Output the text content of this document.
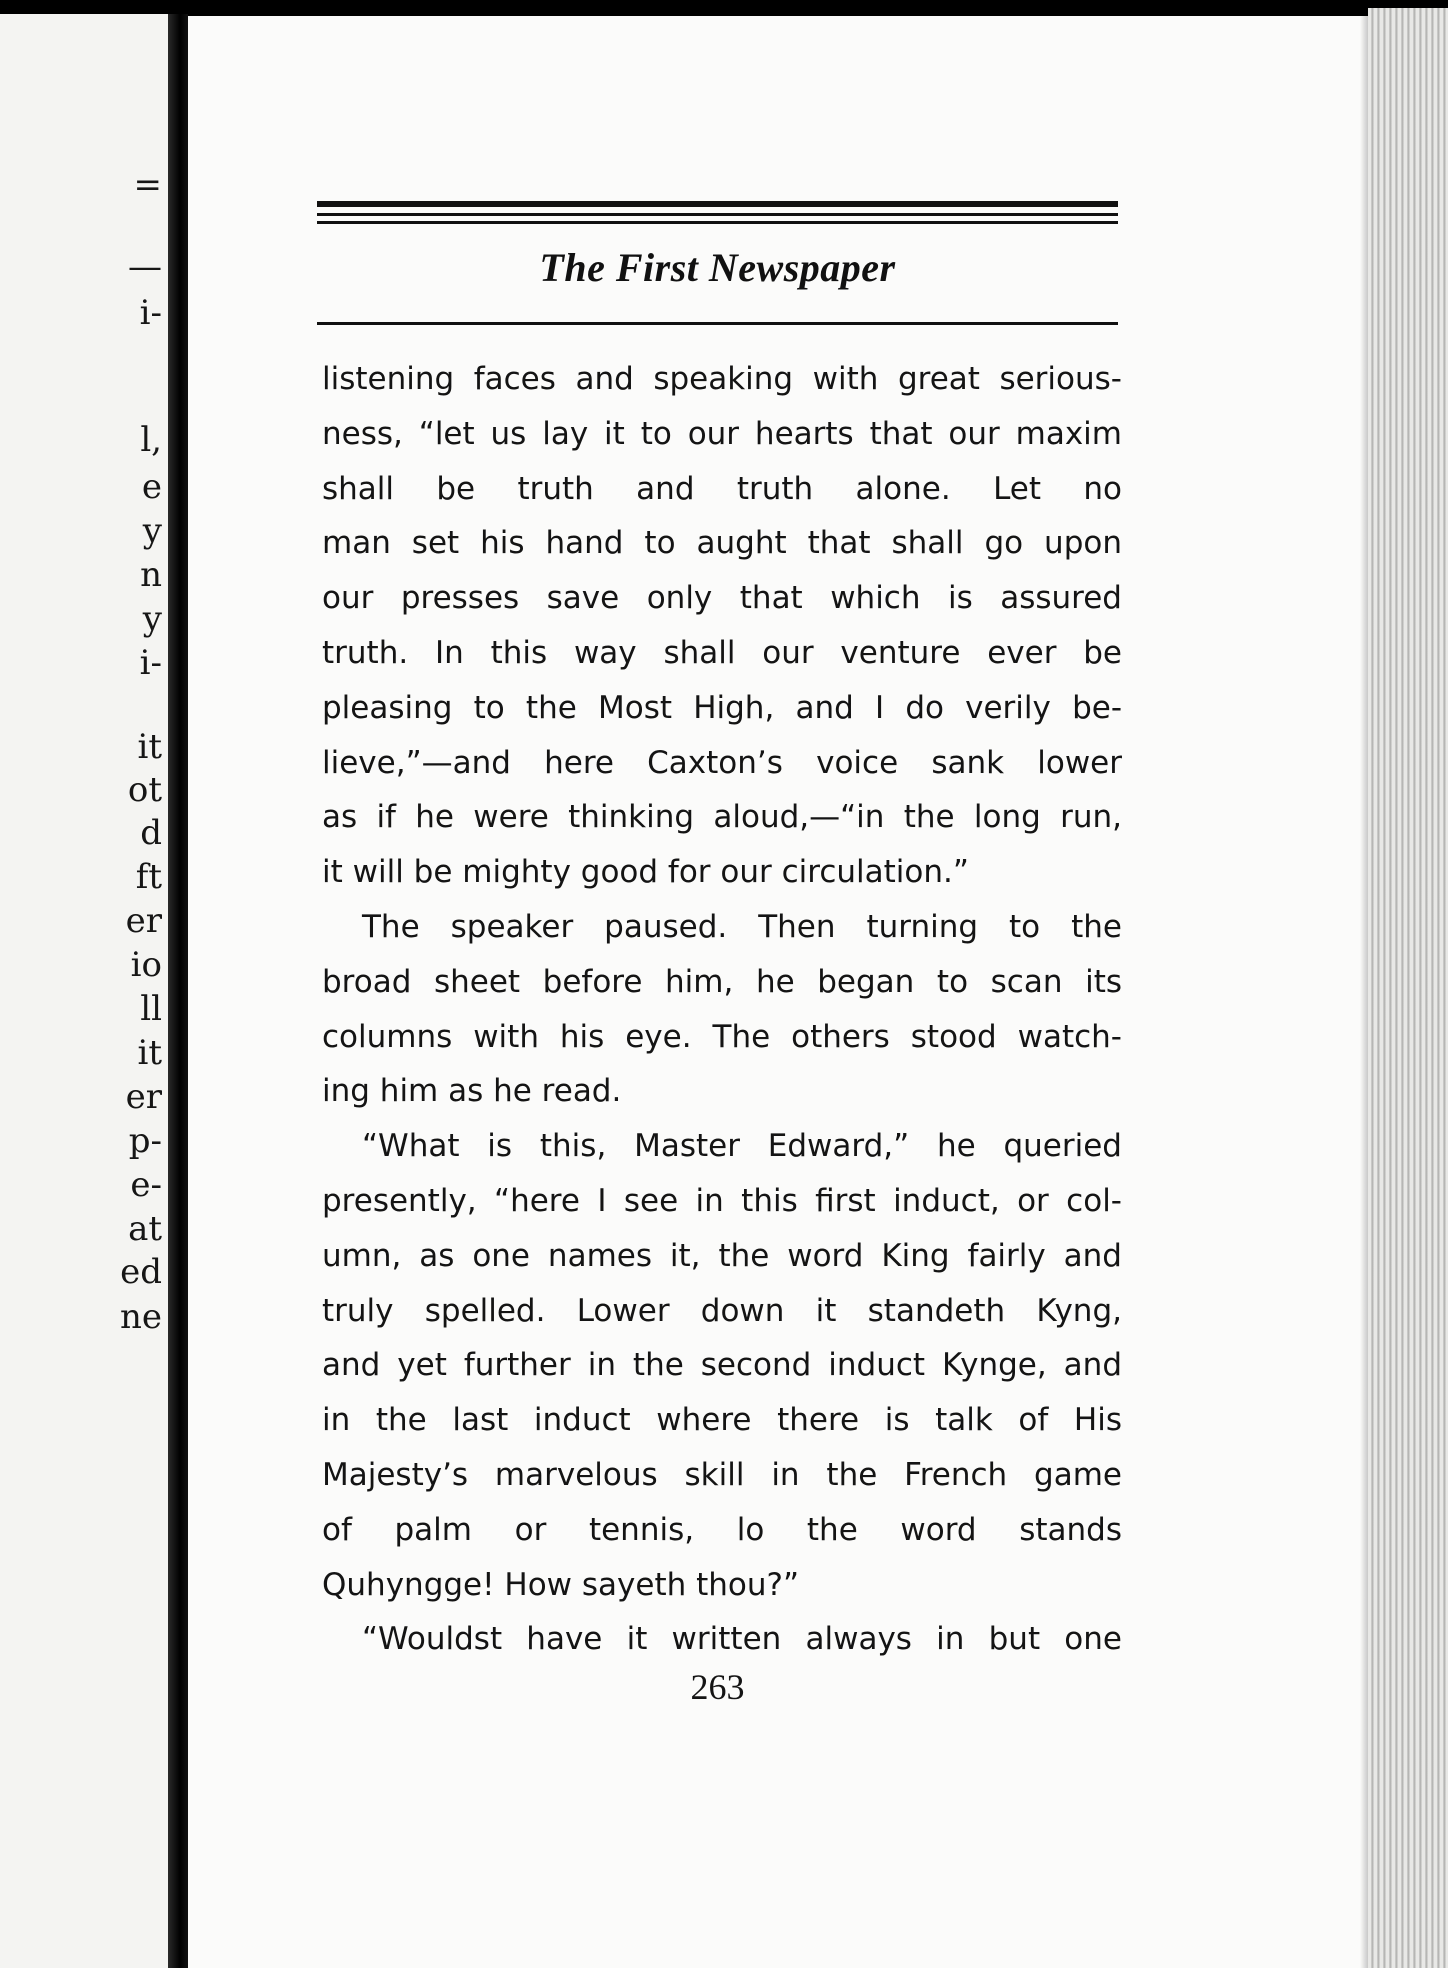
=
—
i-
l,
e
y
n
y
i-
it
ot
d
ft
er
io
ll
it
er
p-
e-
at
ed
ne
The First Newspaper
listening faces and speaking with great serious-
ness, “let us lay it to our hearts that our maxim
shall be truth and truth alone. Let no
man set his hand to aught that shall go upon
our presses save only that which is assured
truth. In this way shall our venture ever be
pleasing to the Most High, and I do verily be-
lieve,”—and here Caxton’s voice sank lower
as if he were thinking aloud,—“in the long run,
it will be mighty good for our circulation.”
The speaker paused. Then turning to the
broad sheet before him, he began to scan its
columns with his eye. The others stood watch-
ing him as he read.
“What is this, Master Edward,” he queried
presently, “here I see in this first induct, or col-
umn, as one names it, the word King fairly and
truly spelled. Lower down it standeth Kyng,
and yet further in the second induct Kynge, and
in the last induct where there is talk of His
Majesty’s marvelous skill in the French game
of palm or tennis, lo the word stands
Quhyngge! How sayeth thou?”
“Wouldst have it written always in but one
263
